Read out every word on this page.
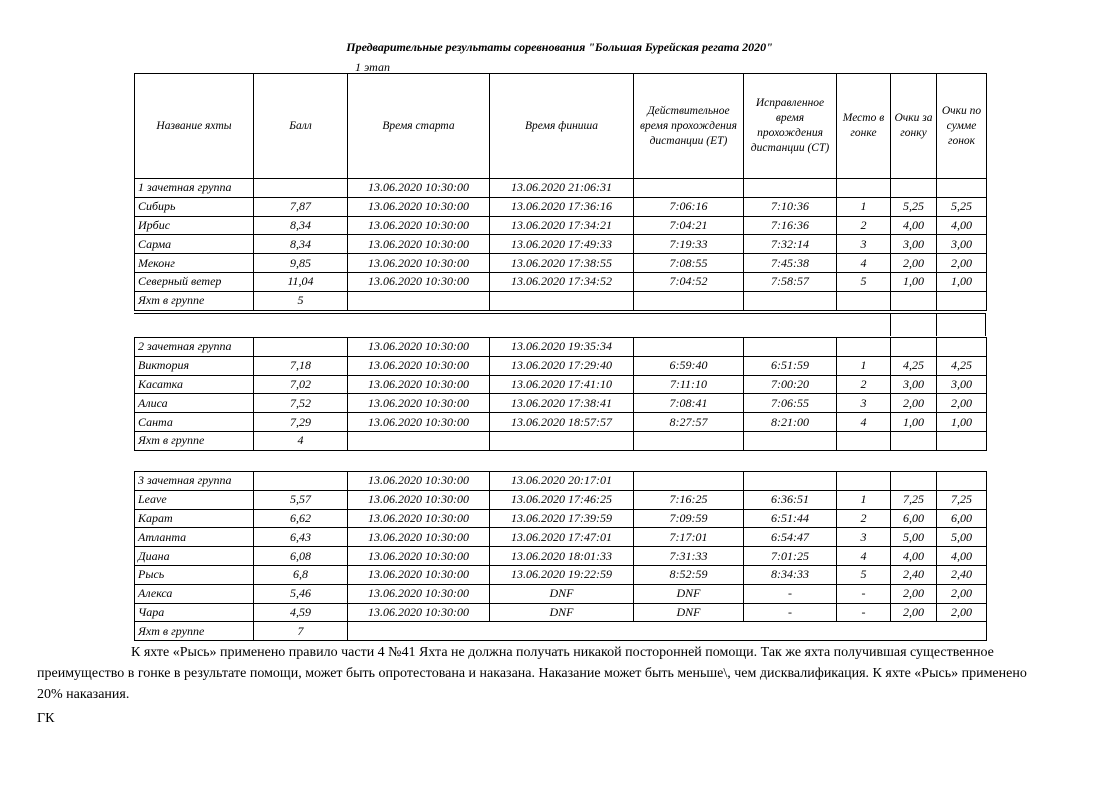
Предварительные результаты соревнования "Большая Бурейская регата 2020"
1 этап
Название яхты	Балл	Время старта	Время финиша	Действительное время прохождения дистанции (ET)	Исправленное время прохождения дистанции (CT)	Место в гонке	Очки за гонку	Очки по сумме гонок
1 зачетная группа		13.06.2020 10:30:00	13.06.2020 21:06:31					
Сибирь	7,87	13.06.2020 10:30:00	13.06.2020 17:36:16	7:06:16	7:10:36	1	5,25	5,25
Ирбис	8,34	13.06.2020 10:30:00	13.06.2020 17:34:21	7:04:21	7:16:36	2	4,00	4,00
Сарма	8,34	13.06.2020 10:30:00	13.06.2020 17:49:33	7:19:33	7:32:14	3	3,00	3,00
Меконг	9,85	13.06.2020 10:30:00	13.06.2020 17:38:55	7:08:55	7:45:38	4	2,00	2,00
Северный ветер	11,04	13.06.2020 10:30:00	13.06.2020 17:34:52	7:04:52	7:58:57	5	1,00	1,00
Яхт в группе	5							
2 зачетная группа		13.06.2020 10:30:00	13.06.2020 19:35:34					
Виктория	7,18	13.06.2020 10:30:00	13.06.2020 17:29:40	6:59:40	6:51:59	1	4,25	4,25
Касатка	7,02	13.06.2020 10:30:00	13.06.2020 17:41:10	7:11:10	7:00:20	2	3,00	3,00
Алиса	7,52	13.06.2020 10:30:00	13.06.2020 17:38:41	7:08:41	7:06:55	3	2,00	2,00
Санта	7,29	13.06.2020 10:30:00	13.06.2020 18:57:57	8:27:57	8:21:00	4	1,00	1,00
Яхт в группе	4							
3 зачетная группа		13.06.2020 10:30:00	13.06.2020 20:17:01					
Leave	5,57	13.06.2020 10:30:00	13.06.2020 17:46:25	7:16:25	6:36:51	1	7,25	7,25
Карат	6,62	13.06.2020 10:30:00	13.06.2020 17:39:59	7:09:59	6:51:44	2	6,00	6,00
Атланта	6,43	13.06.2020 10:30:00	13.06.2020 17:47:01	7:17:01	6:54:47	3	5,00	5,00
Диана	6,08	13.06.2020 10:30:00	13.06.2020 18:01:33	7:31:33	7:01:25	4	4,00	4,00
Рысь	6,8	13.06.2020 10:30:00	13.06.2020 19:22:59	8:52:59	8:34:33	5	2,40	2,40
Алекса	5,46	13.06.2020 10:30:00	DNF	DNF	-	-	2,00	2,00
Чара	4,59	13.06.2020 10:30:00	DNF	DNF	-	-	2,00	2,00
Яхт в группе	7							
К яхте «Рысь» применено правило части 4 №41 Яхта не должна получать никакой посторонней помощи. Так же яхта получившая существенное преимущество в гонке в результате помощи, может быть опротестована и наказана. Наказание может быть меньше\, чем дисквалификация. К яхте «Рысь» применено 20% наказания.
ГК
